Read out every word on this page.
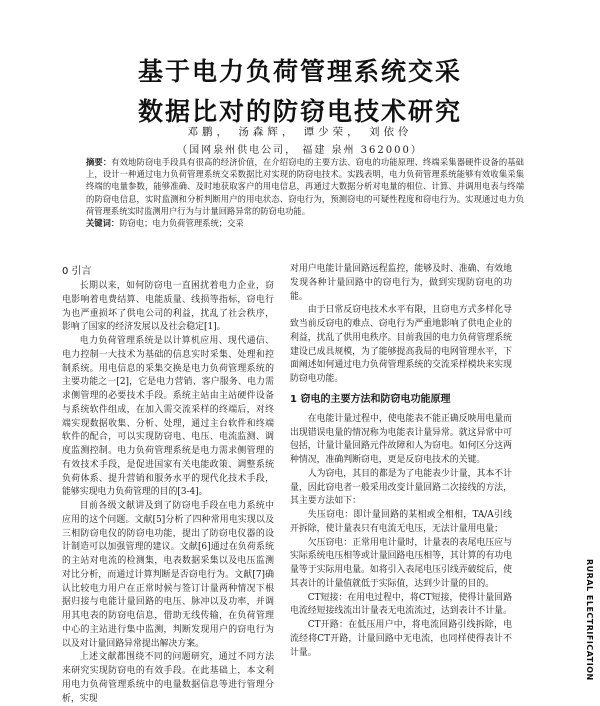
基于电力负荷管理系统交采
数据比对的防窃电技术研究
邓鹏， 汤森辉， 谭少荣， 刘依伶
（国网泉州供电公司， 福建 泉州 362000）
摘要：有效地防窃电手段具有很高的经济价值，在介绍窃电的主要方法、窃电的功能原理、终端采集器硬件设备的基础上，设计一种通过电力负荷管理系统交采数据比对实现的防窃电技术。实践表明，电力负荷管理系统能够有效收集采集终端的电量参数，能够准确、及时地获取客户的用电信息，再通过大数据分析对电量的相位、计算、并调用电表与终端的防窃电信息，实时监测和分析判断用户的用电状态、窃电行为，预测窃电的可疑性程度和窃电行为。实现通过电力负荷管理系统实时监测用户行为与计量回路异常的防窃电功能。
关键词：防窃电；电力负荷管理系统；交采
0 引言

长期以来，如何防窃电一直困扰着电力企业，窃电影响着电费结算、电能质量、线损等指标，窃电行为也严重损坏了供电公司的利益，扰乱了社会秩序，影响了国家的经济发展以及社会稳定[1]。

电力负荷管理系统是以计算机应用、现代通信、电力控制一大技术为基础的信息实时采集、处理和控制系统。用电信息的采集交换是电力负荷管理系统的主要功能之一[2]，它是电力营销、客户服务、电力需求侧管理的必要技术手段。系统主站由主站硬件设备与系统软件组成，在加入需交流采样的终端后，对终端实现数据收集、分析、处理，通过主台软件和终端软件的配合，可以实现防窃电、电压、电流监测、调度监测控制。电力负荷管理系统是电力需求侧管理的有效技术手段，是促进国家有关电能政策、调整系统负荷体系、提升营销和服务水平的现代化技术手段，能够实现电力负荷管理的目的[3-4]。

目前各级文献讲及到了防窃电手段在电力系统中应用的这个问题。文献[5]分析了四种常用电实现以及三相防窃电仪的防窃电功能，提出了防窃电仪器的设计制造可以加强管理的建议。文献[6]通过在负荷系统的主站对电流的检测集，电表数据采集以及电压监测对比分析，而通过计算判断是否窃电行为。文献[7]确认比较电力用户在正常时候与签订计量两种情况下根据归接与电能计量回路的电压、脉冲以及功率，并调用其电表的防窃电信息，借助无线传输，在负荷管理中心的主站进行集中监测，判断发现用户的窃电行为以及对计量回路异常提出解决方案。

上述文献都围绕不同的问题研究，通过不同方法来研究实现防窃电的有效手段。在此基础上，本文利用电力负荷管理系统中的电量数据信息等进行管理分析，实现

对用户电能计量回路远程监控，能够及时、准确、有效地发现各种计量回路中的窃电行为，做到实现防窃电的功能。

由于日常反窃电技术水平有限，且窃电方式多样化导致当前反窃电的难点、窃电行为严重地影响了供电企业的利益，扰乱了供用电秩序。目前我国的电力负荷管理系统建设已成具规模，为了能够提高我局的电网管理水平，下面阐述如何通过电力负荷管理系统的交流采样模块来实现防窃电功能。

1 窃电的主要方法和防窃电功能原理

在电能计量过程中，使电能表不能正确反映用电量而出现错误电量的情况称为电能表计量异常。就这异常中可包括，计量计量回路元件故障和人为窃电。如何区分这两种情况，准确判断窃电，更是反窃电技术的关键。

人为窃电，其目的都是为了电能表少计量，其本不计量，因此窃电者一般采用改变计量回路二次接线的方法，其主要方法如下：

失压窃电：即计量回路的某相或全相相，TA/A引线开拆除，使计量表只有电流无电压，无法计量用电量；

欠压窃电：正常用电计量时，计量表的表尾电压应与实际系统电压相等或计量回路电压相等，其计算的有功电量等于实际用电量。如将引入表尾电压引线弄破绽后，使其表计的计量值就低于实际值，达到少计量的目的。

CT短接：在用电过程中，将CT短接，使得计量回路电流经短接线流出计量表无电流流过，达到表计不计量。

CT开路：在低压用户中，将电流回路引线拆除，电流经将CT开路，计量回路中无电流，也同样使得表计不计量。	RURAL ELECTRIFICATION
